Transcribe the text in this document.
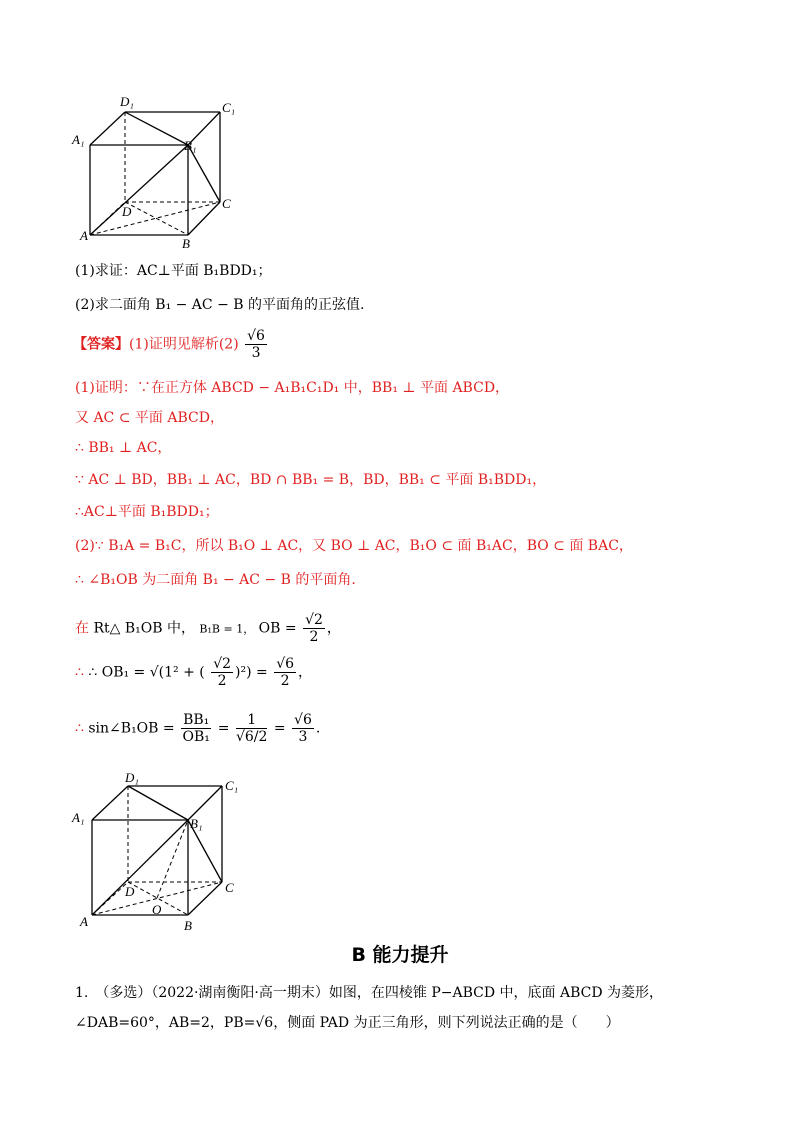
D₁	C₁
A₁	B₁
D
C
A
B
(1)求证：AC⊥平面 B₁BDD₁；
(2)求二面角 B₁ − AC − B 的平面角的正弦值.
【答案】(1)证明见解析$(2) \frac{√6}{3}$
(1)证明：∵在正方体 ABCD − A₁B₁C₁D₁ 中，BB₁ ⊥ 平面 ABCD，
又 AC ⊂ 平面 ABCD，
∴ BB₁ ⊥ AC，
∵ AC ⊥ BD，BB₁ ⊥ AC，BD ∩ BB₁ = B，BD，BB₁ ⊂ 平面 B₁BDD₁，
∴AC⊥平面 B₁BDD₁；
(2)∵ B₁A = B₁C，所以 B₁O ⊥ AC，又 BO ⊥ AC，B₁O ⊂ 面 B₁AC，BO ⊂ 面 BAC，
∴ ∠B₁OB 为二面角 B₁ − AC − B 的平面角.
在 Rt△ B₁OB 中， B₁B = 1， OB = $\frac{√2}{2}$ ，
∴ ∴ OB₁ = √(1² + ( $\frac{√2}{2} )^2) = \frac{√6}{2}$ ，
∴ sin∠B₁OB = $\frac{\text{BB₁}}{\text{OB₁}} = \frac{1}{√6/2} = \frac{√6}{3}$ .
D₁
C₁
A₁	B₁
D	C
A	B
O
B 能力提升
1.　（多选）（2022·湖南衡阳·高一期末）如图，在四棱锥 P−ABCD 中，底面 ABCD 为菱形，
∠DAB=60°，AB=2，PB=√6，侧面 PAD 为正三角形，则下列说法正确的是（　　）
